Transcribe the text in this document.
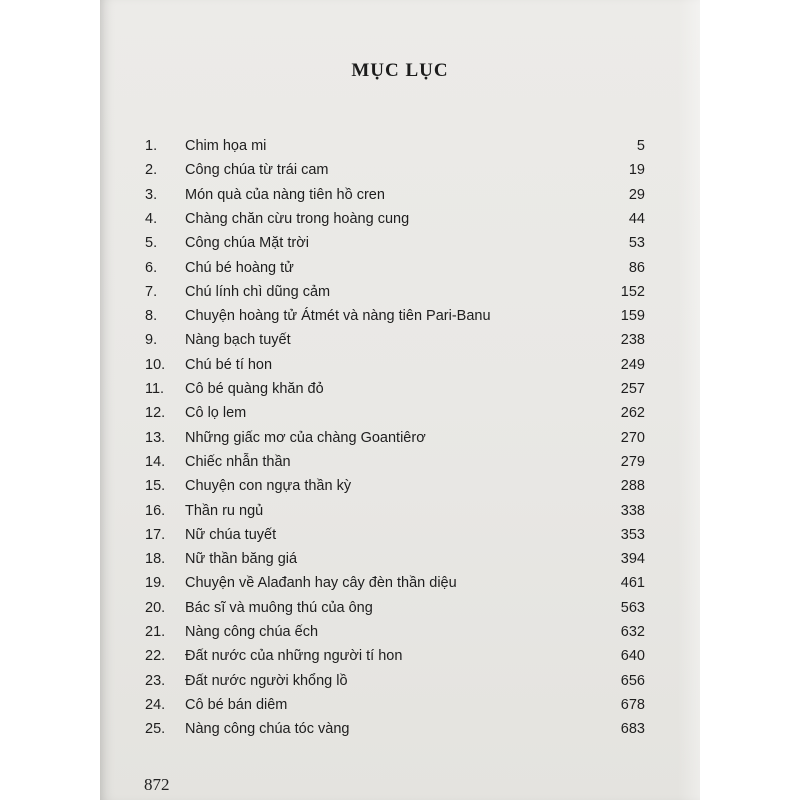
MỤC LỤC
1. Chim họa mi	5
2. Công chúa từ trái cam	19
3. Món quà của nàng tiên hồ cren	29
4. Chàng chăn cừu trong hoàng cung	44
5. Công chúa Mặt trời	53
6. Chú bé hoàng tử	86
7. Chú lính chì dũng cảm	152
8. Chuyện hoàng tử Átmét và nàng tiên Pari-Banu	159
9. Nàng bạch tuyết	238
10. Chú bé tí hon	249
11. Cô bé quàng khăn đỏ	257
12. Cô lọ lem	262
13. Những giấc mơ của chàng Goantiêrơ	270
14. Chiếc nhẫn thần	279
15. Chuyện con ngựa thần kỳ	288
16. Thần ru ngủ	338
17. Nữ chúa tuyết	353
18. Nữ thần băng giá	394
19. Chuyện về Alađanh hay cây đèn thần diệu	461
20. Bác sĩ và muông thú của ông	563
21. Nàng công chúa ếch	632
22. Đất nước của những người tí hon	640
23. Đất nước người khổng lồ	656
24. Cô bé bán diêm	678
25. Nàng công chúa tóc vàng	683
872
